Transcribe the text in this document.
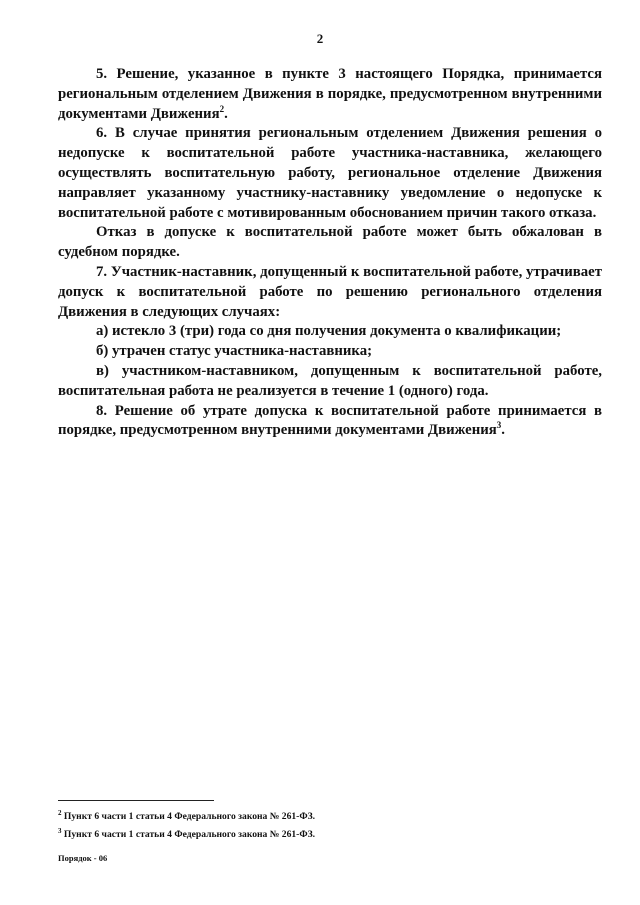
2

5. Решение, указанное в пункте 3 настоящего Порядка, принимается региональным отделением Движения в порядке, предусмотренном внутренними документами Движения$^2$.

6. В случае принятия региональным отделением Движения решения о недопуске к воспитательной работе участника-наставника, желающего осуществлять воспитательную работу, региональное отделение Движения направляет указанному участнику-наставнику уведомление о недопуске к воспитательной работе с мотивированным обоснованием причин такого отказа.

Отказ в допуске к воспитательной работе может быть обжалован в судебном порядке.

7. Участник-наставник, допущенный к воспитательной работе, утрачивает допуск к воспитательной работе по решению регионального отделения Движения в следующих случаях:

а) истекло 3 (три) года со дня получения документа о квалификации;

б) утрачен статус участника-наставника;

в) участником-наставником, допущенным к воспитательной работе, воспитательная работа не реализуется в течение 1 (одного) года.

8. Решение об утрате допуска к воспитательной работе принимается в порядке, предусмотренном внутренними документами Движения$^3$.

$^2$ Пункт 6 части 1 статьи 4 Федерального закона № 261-ФЗ.

$^3$ Пункт 6 части 1 статьи 4 Федерального закона № 261-ФЗ.

Порядок - 06
